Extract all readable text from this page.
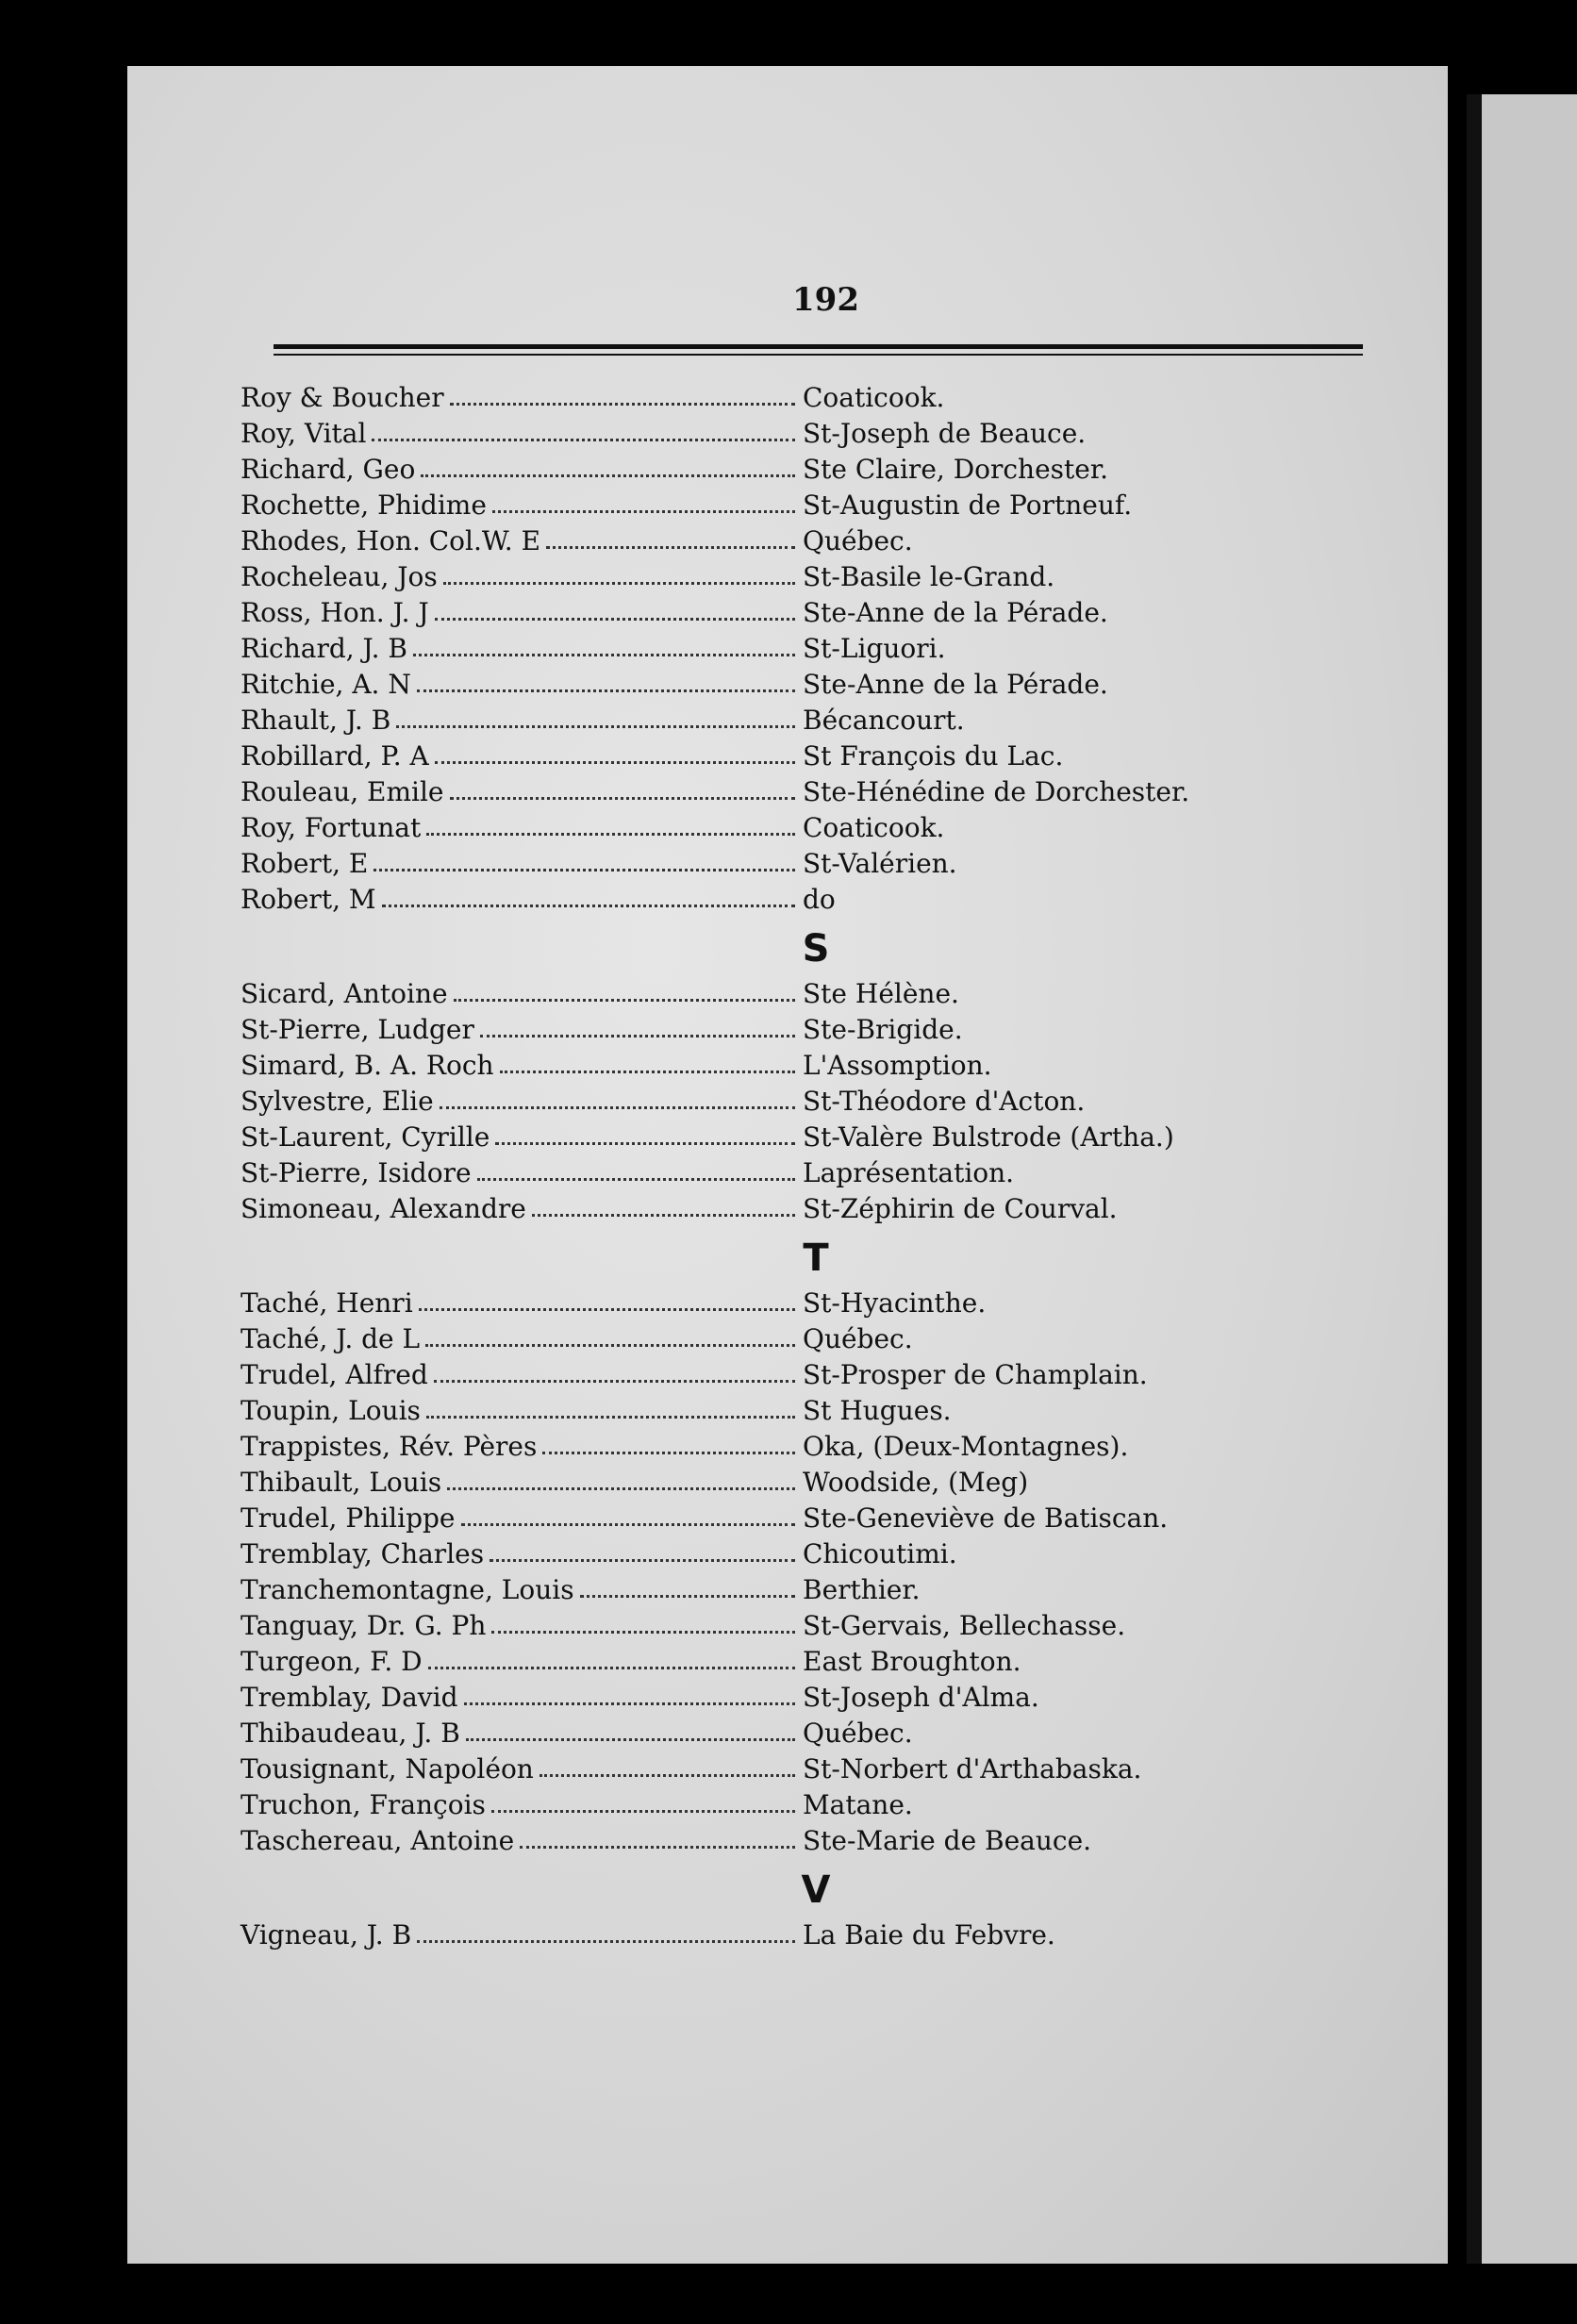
192
Roy & Boucher	Coaticook.
Roy, Vital	St-Joseph de Beauce.
Richard, Geo	Ste Claire, Dorchester.
Rochette, Phidime	St-Augustin de Portneuf.
Rhodes, Hon. Col.W. E	Québec.
Rocheleau, Jos	St-Basile le-Grand.
Ross, Hon. J. J	Ste-Anne de la Pérade.
Richard, J. B	St-Liguori.
Ritchie, A. N	Ste-Anne de la Pérade.
Rhault, J. B	Bécancourt.
Robillard, P. A	St François du Lac.
Rouleau, Emile	Ste-Hénédine de Dorchester.
Roy, Fortunat	Coaticook.
Robert, E	St-Valérien.
Robert, M	do
S
Sicard, Antoine	Ste Hélène.
St-Pierre, Ludger	Ste-Brigide.
Simard, B. A. Roch	L'Assomption.
Sylvestre, Elie	St-Théodore d'Acton.
St-Laurent, Cyrille	St-Valère Bulstrode (Artha.)
St-Pierre, Isidore	Laprésentation.
Simoneau, Alexandre	St-Zéphirin de Courval.
T
Taché, Henri	St-Hyacinthe.
Taché, J. de L	Québec.
Trudel, Alfred	St-Prosper de Champlain.
Toupin, Louis	St Hugues.
Trappistes, Rév. Pères	Oka, (Deux-Montagnes).
Thibault, Louis	Woodside, (Meg)
Trudel, Philippe	Ste-Geneviève de Batiscan.
Tremblay, Charles	Chicoutimi.
Tranchemontagne, Louis	Berthier.
Tanguay, Dr. G. Ph	St-Gervais, Bellechasse.
Turgeon, F. D	East Broughton.
Tremblay, David	St-Joseph d'Alma.
Thibaudeau, J. B	Québec.
Tousignant, Napoléon	St-Norbert d'Arthabaska.
Truchon, François	Matane.
Taschereau, Antoine	Ste-Marie de Beauce.
V
Vigneau, J. B	La Baie du Febvre.
